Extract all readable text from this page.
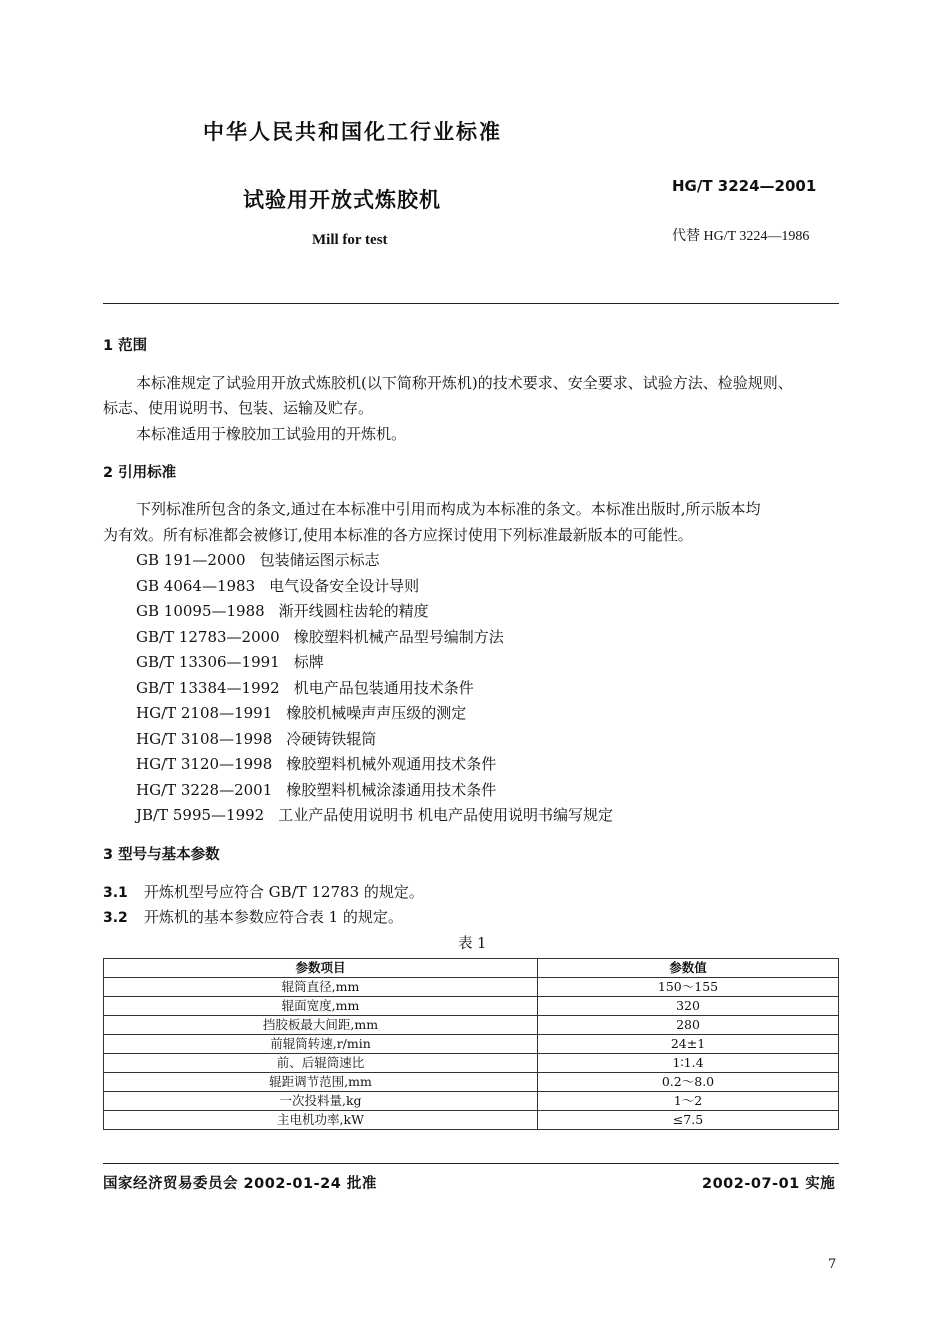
中华人民共和国化工行业标准
试验用开放式炼胶机
Mill for test
HG/T 3224—2001
代替 HG/T 3224—1986
1 范围
本标准规定了试验用开放式炼胶机(以下简称开炼机)的技术要求、安全要求、试验方法、检验规则、
标志、使用说明书、包装、运输及贮存。
本标准适用于橡胶加工试验用的开炼机。
2 引用标准
下列标准所包含的条文,通过在本标准中引用而构成为本标准的条文。本标准出版时,所示版本均
为有效。所有标准都会被修订,使用本标准的各方应探讨使用下列标准最新版本的可能性。
GB 191—2000 包装储运图示标志
GB 4064—1983 电气设备安全设计导则
GB 10095—1988 渐开线圆柱齿轮的精度
GB/T 12783—2000 橡胶塑料机械产品型号编制方法
GB/T 13306—1991 标牌
GB/T 13384—1992 机电产品包装通用技术条件
HG/T 2108—1991 橡胶机械噪声声压级的测定
HG/T 3108—1998 冷硬铸铁辊筒
HG/T 3120—1998 橡胶塑料机械外观通用技术条件
HG/T 3228—2001 橡胶塑料机械涂漆通用技术条件
JB/T 5995—1992 工业产品使用说明书 机电产品使用说明书编写规定
3 型号与基本参数
3.1 开炼机型号应符合 GB/T 12783 的规定。
3.2 开炼机的基本参数应符合表 1 的规定。
表 1
参数项目	参数值
辊筒直径,mm	150～155
辊面宽度,mm	320
挡胶板最大间距,mm	280
前辊筒转速,r/min	24±1
前、后辊筒速比	1∶1.4
辊距调节范围,mm	0.2～8.0
一次投料量,kg	1～2
主电机功率,kW	≤7.5
国家经济贸易委员会 2002-01-24 批准	2002-07-01 实施
7
